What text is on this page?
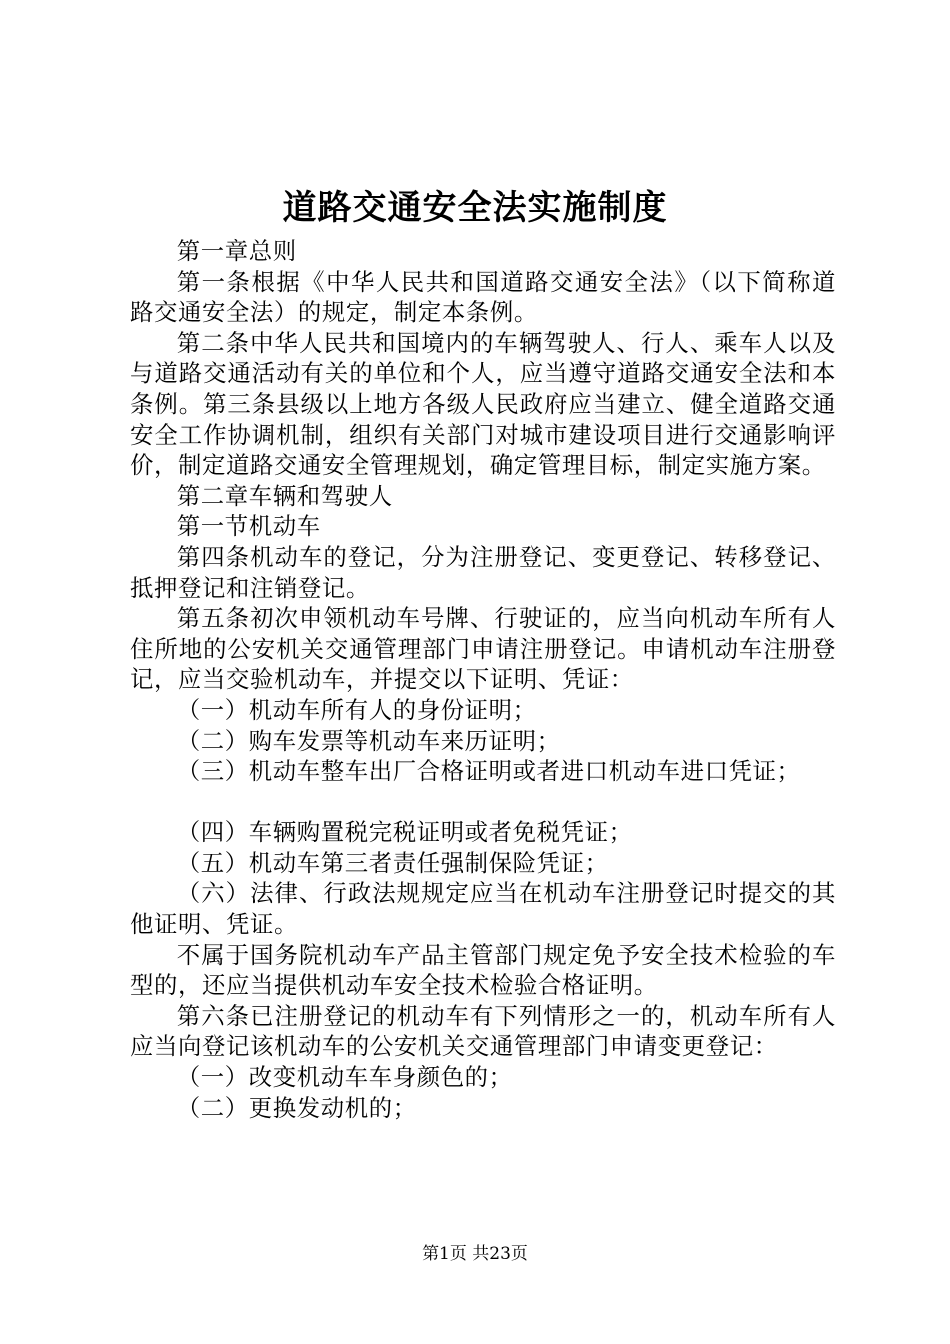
道路交通安全法实施制度

第一章总则

第一条根据《中华人民共和国道路交通安全法》（以下简称道路交通安全法）的规定，制定本条例。

第二条中华人民共和国境内的车辆驾驶人、行人、乘车人以及与道路交通活动有关的单位和个人，应当遵守道路交通安全法和本条例。第三条县级以上地方各级人民政府应当建立、健全道路交通安全工作协调机制，组织有关部门对城市建设项目进行交通影响评价，制定道路交通安全管理规划，确定管理目标，制定实施方案。

第二章车辆和驾驶人

第一节机动车

第四条机动车的登记，分为注册登记、变更登记、转移登记、抵押登记和注销登记。

第五条初次申领机动车号牌、行驶证的，应当向机动车所有人住所地的公安机关交通管理部门申请注册登记。申请机动车注册登记，应当交验机动车，并提交以下证明、凭证：

（一）机动车所有人的身份证明；

（二）购车发票等机动车来历证明；

（三）机动车整车出厂合格证明或者进口机动车进口凭证；

（四）车辆购置税完税证明或者免税凭证；

（五）机动车第三者责任强制保险凭证；

（六）法律、行政法规规定应当在机动车注册登记时提交的其他证明、凭证。

不属于国务院机动车产品主管部门规定免予安全技术检验的车型的，还应当提供机动车安全技术检验合格证明。

第六条已注册登记的机动车有下列情形之一的，机动车所有人应当向登记该机动车的公安机关交通管理部门申请变更登记：

（一）改变机动车车身颜色的；

（二）更换发动机的；

第1页 共23页
